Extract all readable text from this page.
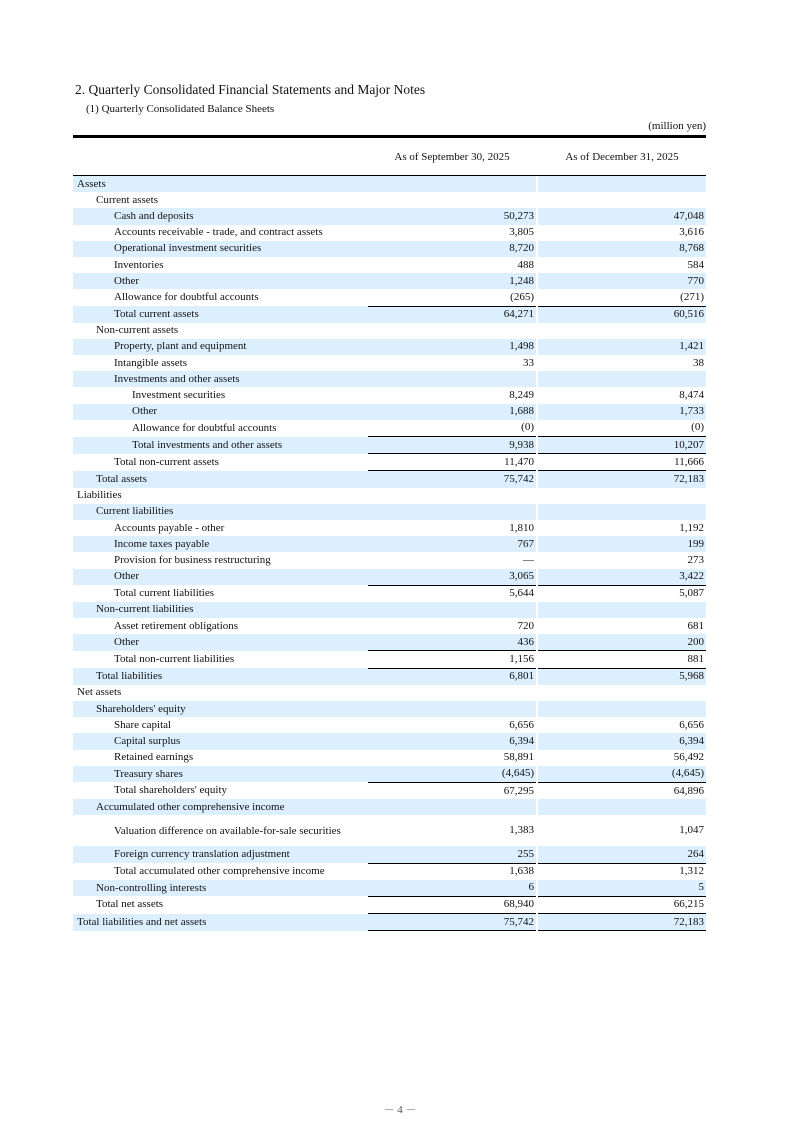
2. Quarterly Consolidated Financial Statements and Major Notes
(1) Quarterly Consolidated Balance Sheets
(million yen)
As of September 30, 2025	As of December 31, 2025
Assets			
Current assets			
Cash and deposits	50,273		47,048
Accounts receivable - trade, and contract assets	3,805		3,616
Operational investment securities	8,720		8,768
Inventories	488		584
Other	1,248		770
Allowance for doubtful accounts	(265)		(271)
Total current assets	64,271		60,516
Non-current assets			
Property, plant and equipment	1,498		1,421
Intangible assets	33		38
Investments and other assets			
Investment securities	8,249		8,474
Other	1,688		1,733
Allowance for doubtful accounts	(0)		(0)
Total investments and other assets	9,938		10,207
Total non-current assets	11,470		11,666
Total assets	75,742		72,183
Liabilities			
Current liabilities			
Accounts payable - other	1,810		1,192
Income taxes payable	767		199
Provision for business restructuring	―		273
Other	3,065		3,422
Total current liabilities	5,644		5,087
Non-current liabilities			
Asset retirement obligations	720		681
Other	436		200
Total non-current liabilities	1,156		881
Total liabilities	6,801		5,968
Net assets			
Shareholders' equity			
Share capital	6,656		6,656
Capital surplus	6,394		6,394
Retained earnings	58,891		56,492
Treasury shares	(4,645)		(4,645)
Total shareholders' equity	67,295		64,896
Accumulated other comprehensive income			
Valuation difference on available-for-sale securities	1,383		1,047
Foreign currency translation adjustment	255		264
Total accumulated other comprehensive income	1,638		1,312
Non-controlling interests	6		5
Total net assets	68,940		66,215
Total liabilities and net assets	75,742		72,183
－ 4 －
